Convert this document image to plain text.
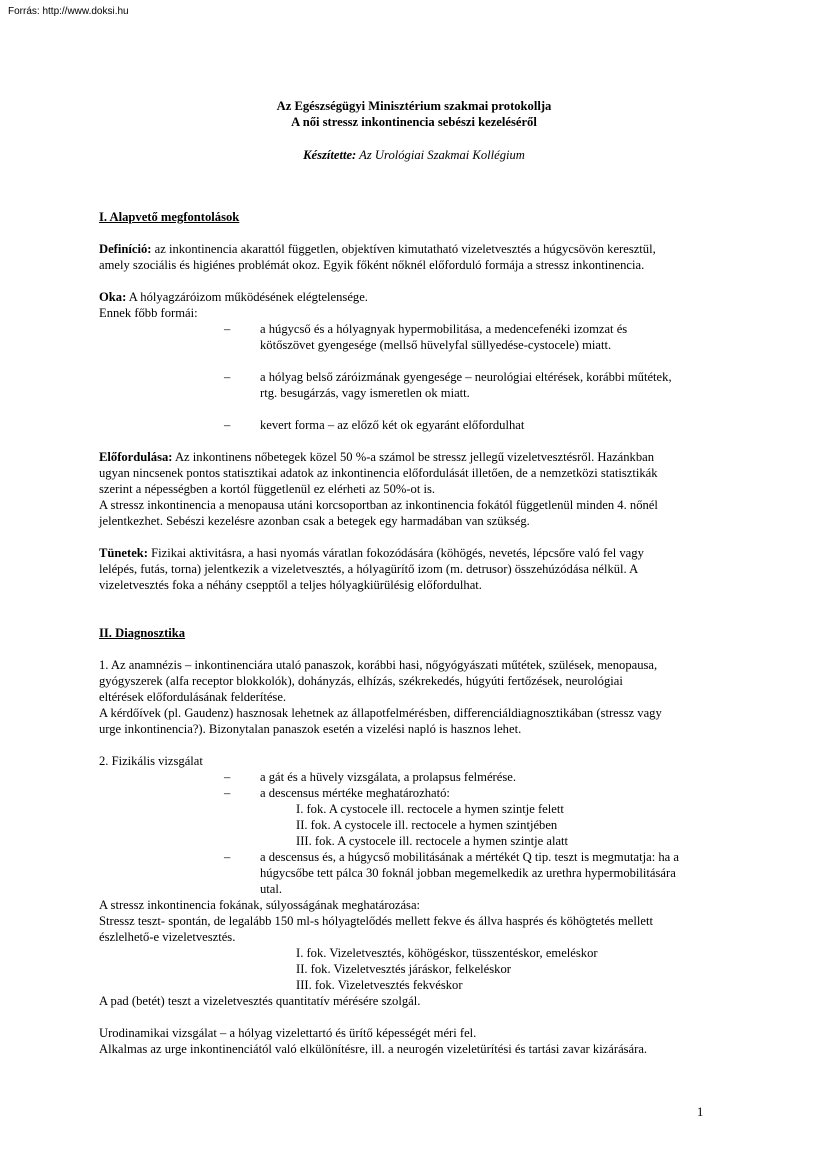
Forrás: http://www.doksi.hu
Az Egészségügyi Minisztérium szakmai protokollja
A női stressz inkontinencia sebészi kezeléséről
Készítette: Az Urológiai Szakmai Kollégium
I. Alapvető megfontolások
Definíció: az inkontinencia akarattól független, objektíven kimutatható vizeletvesztés a húgycsövön keresztül,
amely szociális és higiénes problémát okoz. Egyik főként nőknél előforduló formája a stressz inkontinencia.
Oka: A hólyagzáróizom működésének elégtelensége.
Ennek főbb formái:
– a húgycső és a hólyagnyak hypermobilitása, a medencefenéki izomzat és
kötőszövet gyengesége (mellső hüvelyfal süllyedése-cystocele) miatt.
– a hólyag belső záróizmának gyengesége – neurológiai eltérések, korábbi műtétek,
rtg. besugárzás, vagy ismeretlen ok miatt.
– kevert forma – az előző két ok egyaránt előfordulhat
Előfordulása: Az inkontinens nőbetegek közel 50 %-a számol be stressz jellegű vizeletvesztésről. Hazánkban
ugyan nincsenek pontos statisztikai adatok az inkontinencia előfordulását illetően, de a nemzetközi statisztikák
szerint a népességben a kortól függetlenül ez elérheti az 50%-ot is.
A stressz inkontinencia a menopausa utáni korcsoportban az inkontinencia fokától függetlenül minden 4. nőnél
jelentkezhet. Sebészi kezelésre azonban csak a betegek egy harmadában van szükség.
Tünetek: Fizikai aktivitásra, a hasi nyomás váratlan fokozódására (köhögés, nevetés, lépcsőre való fel vagy
lelépés, futás, torna) jelentkezik a vizeletvesztés, a hólyagürítő izom (m. detrusor) összehúzódása nélkül. A
vizeletvesztés foka a néhány csepptől a teljes hólyagkiürülésig előfordulhat.
II. Diagnosztika
1. Az anamnézis – inkontinenciára utaló panaszok, korábbi hasi, nőgyógyászati műtétek, szülések, menopausa,
gyógyszerek (alfa receptor blokkolók), dohányzás, elhízás, székrekedés, húgyúti fertőzések, neurológiai
eltérések előfordulásának felderítése.
A kérdőívek (pl. Gaudenz) hasznosak lehetnek az állapotfelmérésben, differenciáldiagnosztikában (stressz vagy
urge inkontinencia?). Bizonytalan panaszok esetén a vizelési napló is hasznos lehet.
2. Fizikális vizsgálat
– a gát és a hüvely vizsgálata, a prolapsus felmérése.
– a descensus mértéke meghatározható:
I. fok. A cystocele ill. rectocele a hymen szintje felett
II. fok. A cystocele ill. rectocele a hymen szintjében
III. fok. A cystocele ill. rectocele a hymen szintje alatt
– a descensus és, a húgycső mobilitásának a mértékét Q tip. teszt is megmutatja: ha a
húgycsőbe tett pálca 30 foknál jobban megemelkedik az urethra hypermobilitására
utal.
A stressz inkontinencia fokának, súlyosságának meghatározása:
Stressz teszt- spontán, de legalább 150 ml-s hólyagtelődés mellett fekve és állva hasprés és köhögtetés mellett
észlelhető-e vizeletvesztés.
I. fok. Vizeletvesztés, köhögéskor, tüsszentéskor, emeléskor
II. fok. Vizeletvesztés járáskor, felkeléskor
III. fok. Vizeletvesztés fekvéskor
A pad (betét) teszt a vizeletvesztés quantitatív mérésére szolgál.
Urodinamikai vizsgálat – a hólyag vizelettartó és ürítő képességét méri fel.
Alkalmas az urge inkontinenciától való elkülönítésre, ill. a neurogén vizeletürítési és tartási zavar kizárására.
1
